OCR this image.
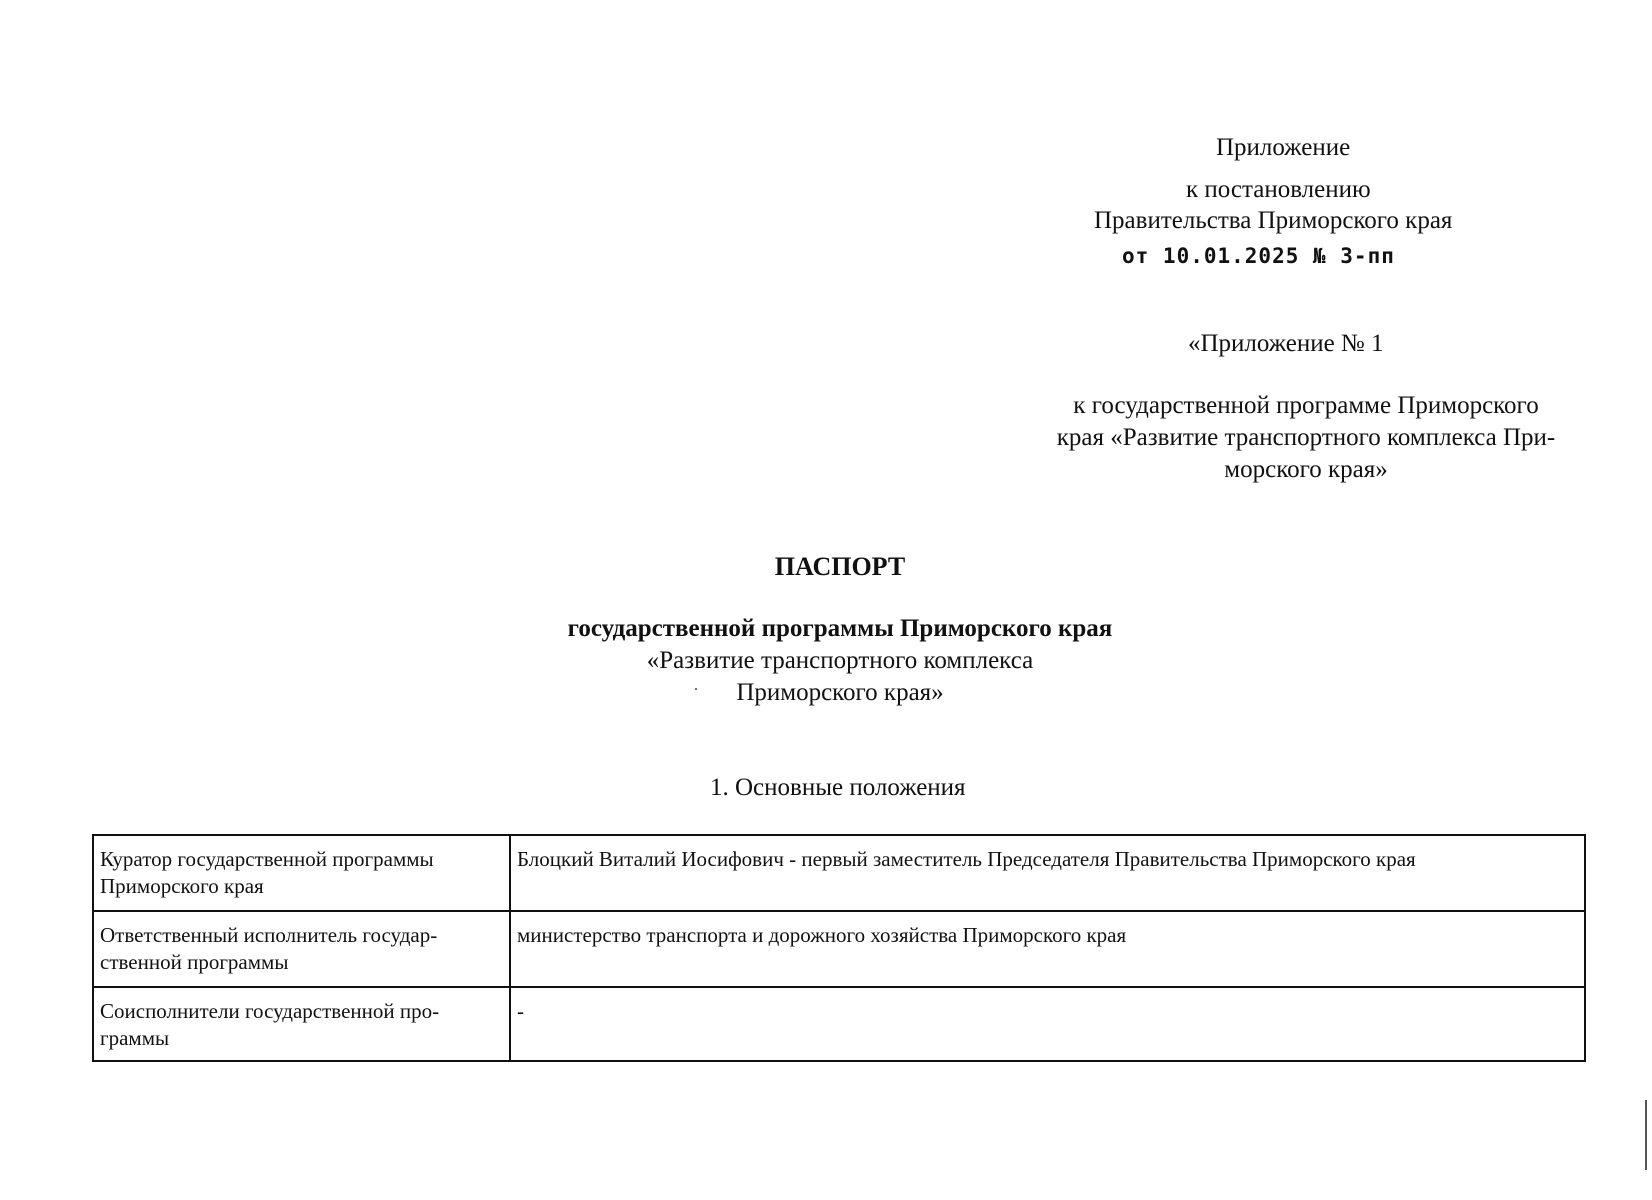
Приложение
к постановлению
Правительства Приморского края
от 10.01.2025 № 3-пп
«Приложение № 1
к государственной программе Приморского
края «Развитие транспортного комплекса При-
морского края»
ПАСПОРТ
государственной программы Приморского края
«Развитие транспортного комплекса
Приморского края»
1. Основные положения
Куратор государственной программы Приморского края	Блоцкий Виталий Иосифович - первый заместитель Председателя Правительства Приморского края
Ответственный исполнитель государ-ственной программы	министерство транспорта и дорожного хозяйства Приморского края
Соисполнители государственной про-граммы	-
